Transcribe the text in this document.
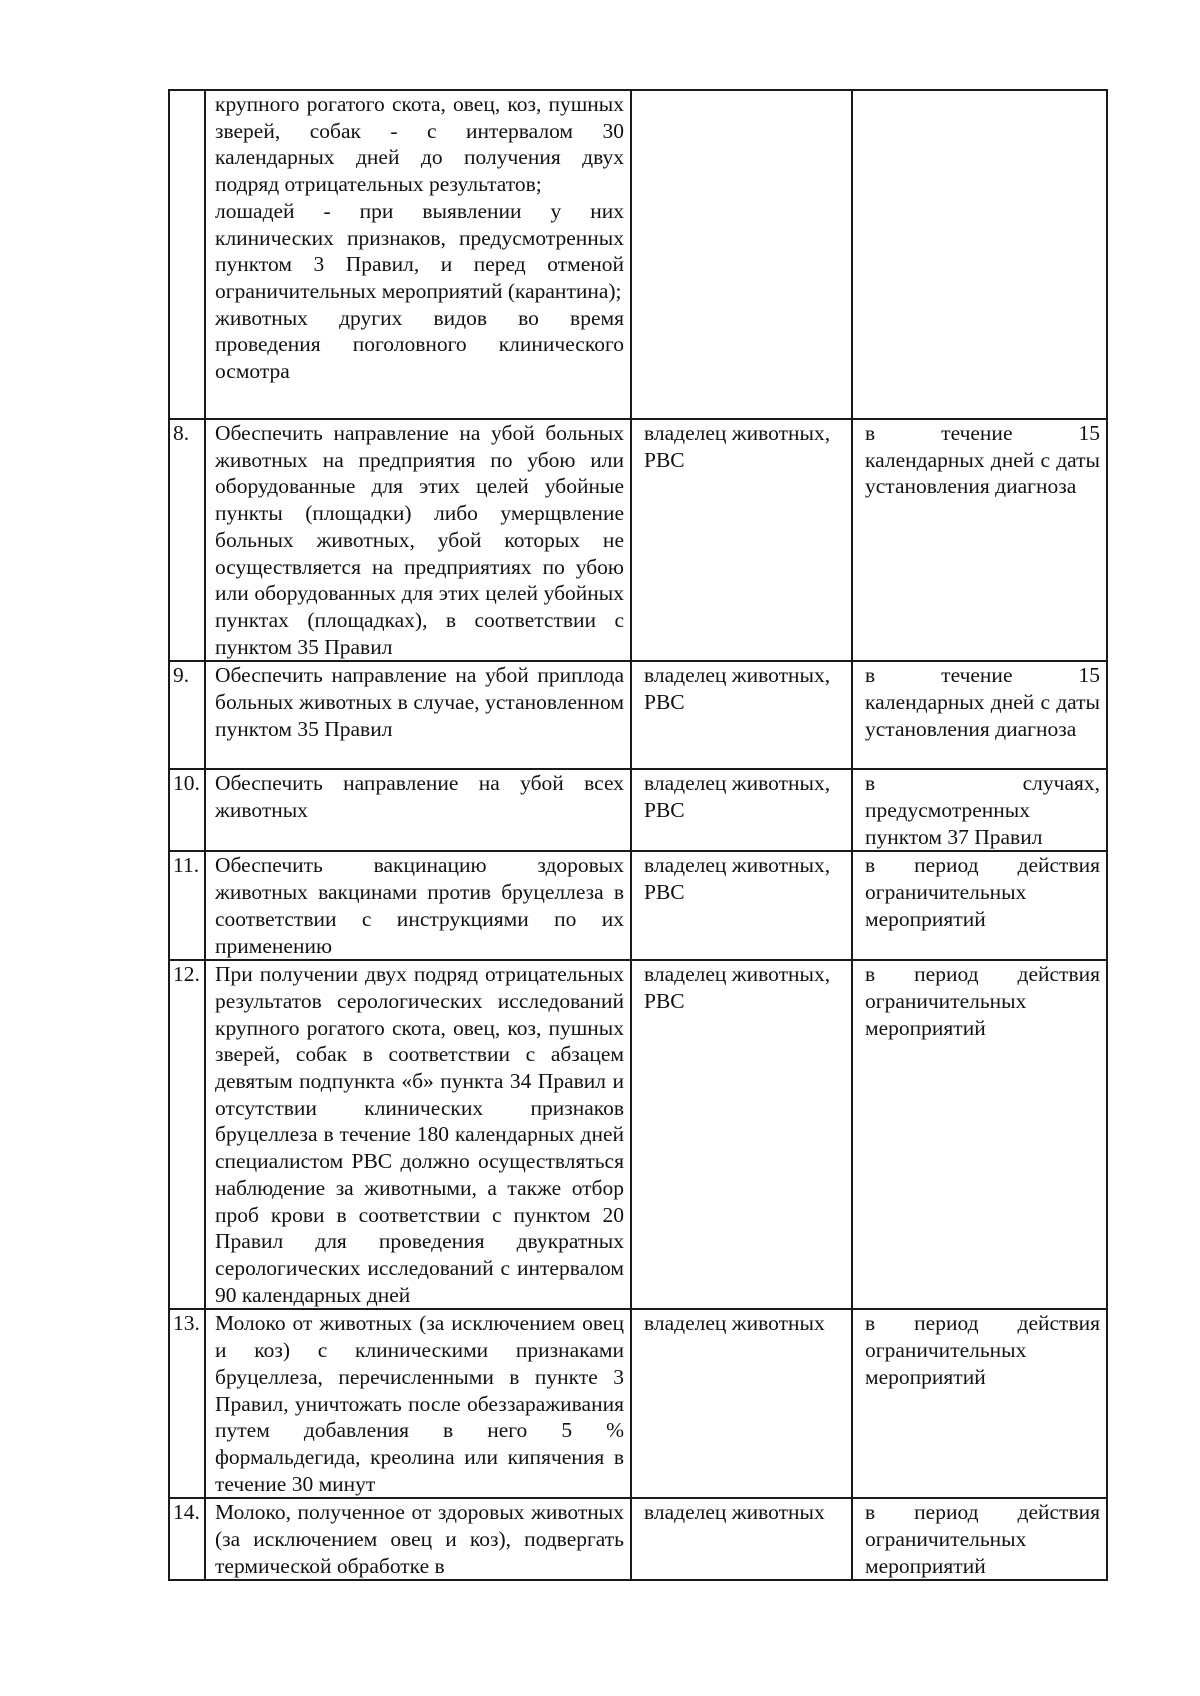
	крупного рогатого скота, овец, коз, пушных зверей, собак - с интервалом 30 календарных дней до получения двух подряд отрицательных результатов;
лошадей - при выявлении у них клинических признаков, предусмотренных пунктом 3 Правил, и перед отменой ограничительных мероприятий (карантина);
животных других видов во время проведения поголовного клинического осмотра		

8.	Обеспечить направление на убой больных животных на предприятия по убою или оборудованные для этих целей убойные пункты (площадки) либо умерщвление больных животных, убой которых не осуществляется на предприятиях по убою или оборудованных для этих целей убойных пунктах (площадках), в соответствии с пунктом 35 Правил	владелец животных, РВС	в течение 15 календарных дней с даты установления диагноза
9.	Обеспечить направление на убой приплода больных животных в случае, установленном пунктом 35 Правил	владелец животных, РВС	в течение 15 календарных дней с даты установления диагноза
10.	Обеспечить направление на убой всех животных	владелец животных, РВС	в случаях, предусмотренных пунктом 37 Правил
11.	Обеспечить вакцинацию здоровых животных вакцинами против бруцеллеза в соответствии с инструкциями по их применению	владелец животных, РВС	в период действия ограничительных мероприятий
12.	При получении двух подряд отрицательных результатов серологических исследований крупного рогатого скота, овец, коз, пушных зверей, собак в соответствии с абзацем девятым подпункта «б» пункта 34 Правил и отсутствии клинических признаков бруцеллеза в течение 180 календарных дней специалистом РВС должно осуществляться наблюдение за животными, а также отбор проб крови в соответствии с пунктом 20 Правил для проведения двукратных серологических исследований с интервалом 90 календарных дней	владелец животных, РВС	в период действия ограничительных мероприятий
13.	Молоко от животных (за исключением овец и коз) с клиническими признаками бруцеллеза, перечисленными в пункте 3 Правил, уничтожать после обеззараживания путем добавления в него 5 % формальдегида, креолина или кипячения в течение 30 минут	владелец животных	в период действия ограничительных мероприятий
14.	Молоко, полученное от здоровых животных (за исключением овец и коз), подвергать термической обработке в	владелец животных	в период действия ограничительных мероприятий
